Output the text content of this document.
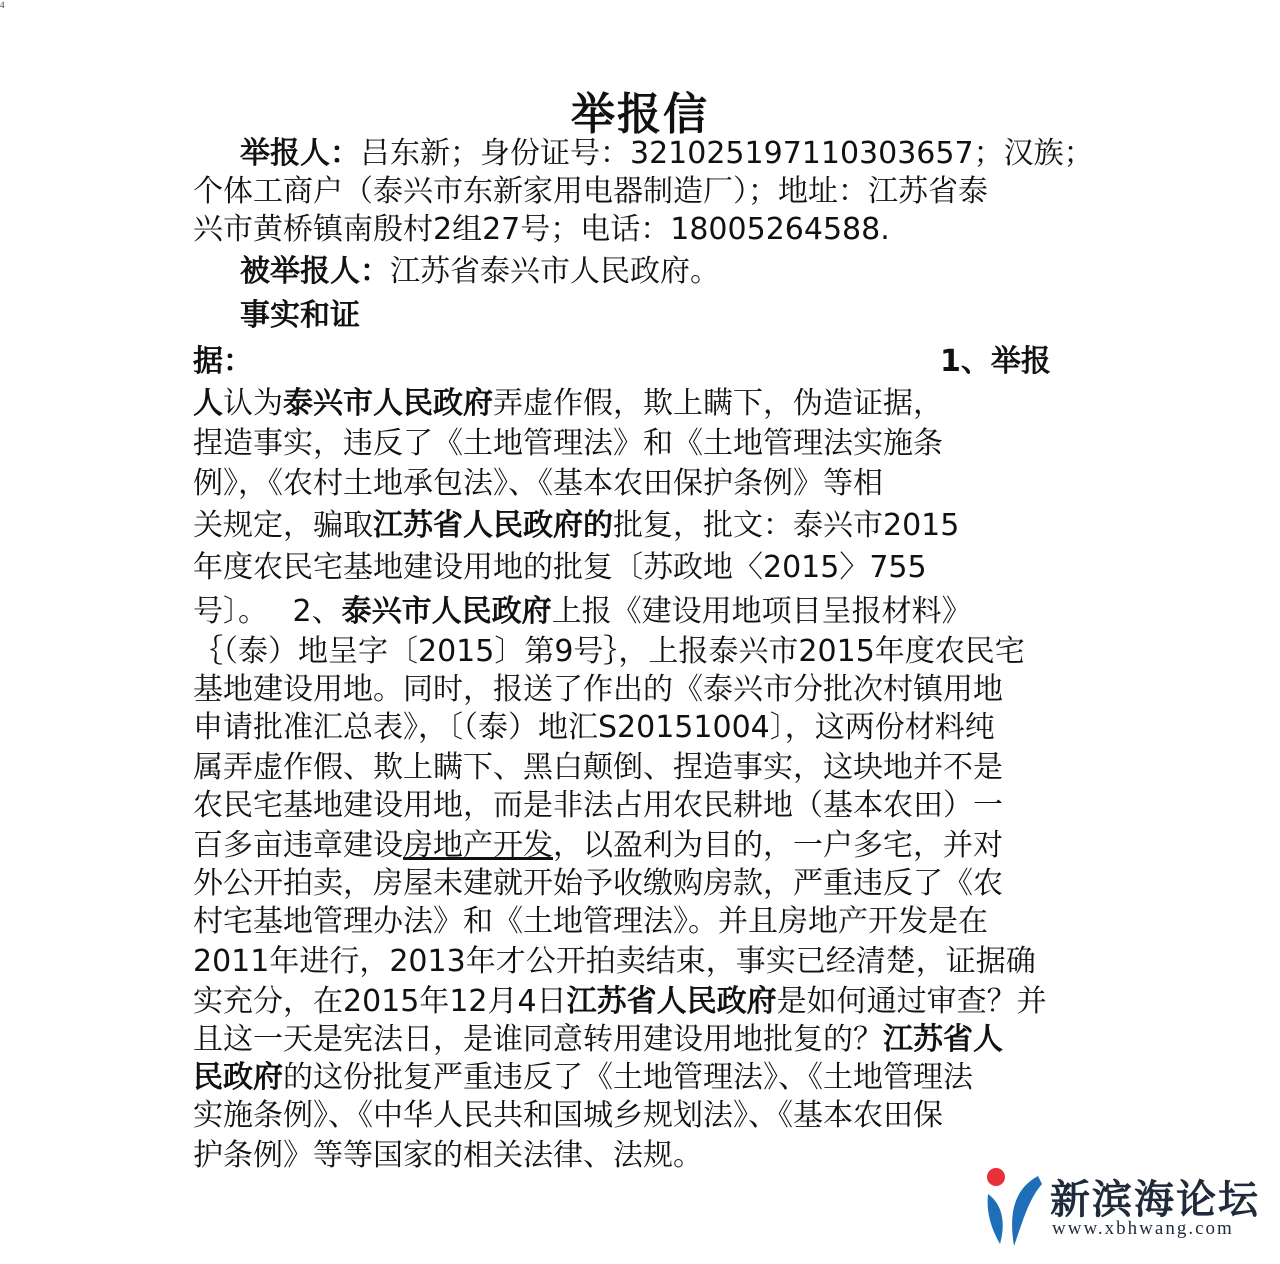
4
举报信
举报人：吕东新；身份证号：321025197110303657；汉族；
个体工商户（泰兴市东新家用电器制造厂）；地址：江苏省泰
兴市黄桥镇南殷村2组27号；电话：18005264588.
被举报人：江苏省泰兴市人民政府。
事实和证
据：	1、举报
人认为泰兴市人民政府弄虚作假，欺上瞒下，伪造证据，
捏造事实，违反了《土地管理法》和《土地管理法实施条
例》，《农村土地承包法》、《基本农田保护条例》等相
关规定，骗取江苏省人民政府的批复，批文：泰兴市2015
年度农民宅基地建设用地的批复〔苏政地〈2015〉755
号〕。　 2、泰兴市人民政府上报《建设用地项目呈报材料》
｛（泰）地呈字〔2015〕第9号｝，上报泰兴市2015年度农民宅
基地建设用地。同时，报送了作出的《泰兴市分批次村镇用地
申请批准汇总表》，〔（泰）地汇S20151004〕，这两份材料纯
属弄虚作假、欺上瞒下、黑白颠倒、捏造事实，这块地并不是
农民宅基地建设用地，而是非法占用农民耕地（基本农田）一
百多亩违章建设房地产开发，以盈利为目的，一户多宅，并对
外公开拍卖，房屋未建就开始予收缴购房款，严重违反了《农
村宅基地管理办法》和《土地管理法》。并且房地产开发是在
2011年进行，2013年才公开拍卖结束，事实已经清楚，证据确
实充分，在2015年12月4日江苏省人民政府是如何通过审查？并
且这一天是宪法日，是谁同意转用建设用地批复的？江苏省人
民政府的这份批复严重违反了《土地管理法》、《土地管理法
实施条例》、《中华人民共和国城乡规划法》、《基本农田保
护条例》等等国家的相关法律、法规。
新滨海论坛
www.xbhwang.com
